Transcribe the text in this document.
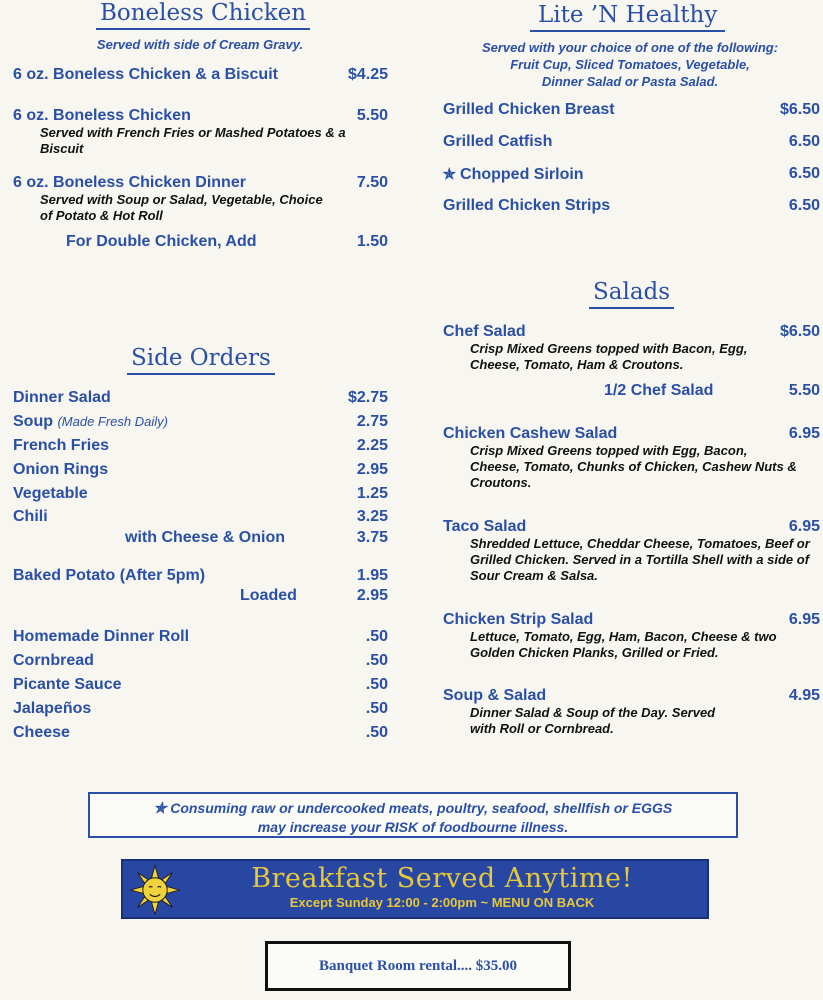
Boneless Chicken
Served with side of Cream Gravy.
6 oz. Boneless Chicken & a Biscuit	$4.25
6 oz. Boneless Chicken	5.50
Served with French Fries or Mashed Potatoes & a Biscuit
6 oz. Boneless Chicken Dinner	7.50
Served with Soup or Salad, Vegetable, Choice of Potato & Hot Roll
For Double Chicken, Add	1.50
Side Orders
Dinner Salad	$2.75
Soup (Made Fresh Daily)	2.75
French Fries	2.25
Onion Rings	2.95
Vegetable	1.25
Chili	3.25
with Cheese & Onion	3.75
Baked Potato (After 5pm)	1.95
Loaded	2.95
Homemade Dinner Roll	.50
Cornbread	.50
Picante Sauce	.50
Jalapeños	.50
Cheese	.50
Lite ’N Healthy
Served with your choice of one of the following:
Fruit Cup, Sliced Tomatoes, Vegetable,
Dinner Salad or Pasta Salad.
Grilled Chicken Breast	$6.50
Grilled Catfish	6.50
✯ Chopped Sirloin	6.50
Grilled Chicken Strips	6.50
Salads
Chef Salad	$6.50
Crisp Mixed Greens topped with Bacon, Egg, Cheese, Tomato, Ham & Croutons.
1/2 Chef Salad	5.50
Chicken Cashew Salad	6.95
Crisp Mixed Greens topped with Egg, Bacon, Cheese, Tomato, Chunks of Chicken, Cashew Nuts & Croutons.
Taco Salad	6.95
Shredded Lettuce, Cheddar Cheese, Tomatoes, Beef or Grilled Chicken. Served in a Tortilla Shell with a side of Sour Cream & Salsa.
Chicken Strip Salad	6.95
Lettuce, Tomato, Egg, Ham, Bacon, Cheese & two Golden Chicken Planks, Grilled or Fried.
Soup & Salad	4.95
Dinner Salad & Soup of the Day. Served with Roll or Cornbread.
✯ Consuming raw or undercooked meats, poultry, seafood, shellfish or EGGS
may increase your RISK of foodbourne illness.
Breakfast Served Anytime!
Except Sunday 12:00 - 2:00pm ~ MENU ON BACK
Banquet Room rental.... $35.00
